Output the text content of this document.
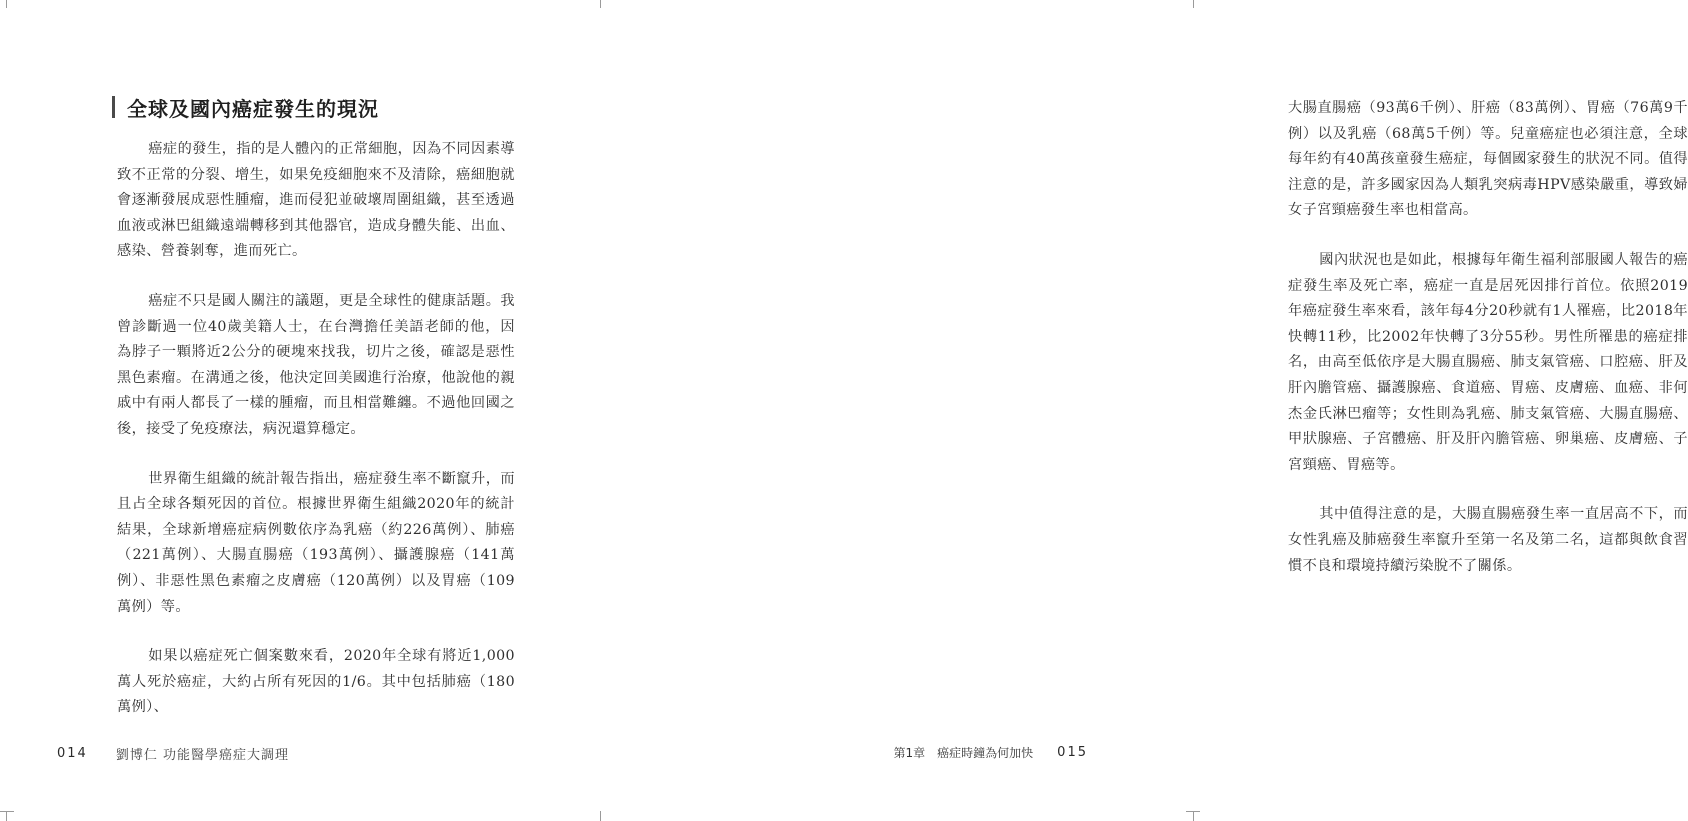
全球及國內癌症發生的現況

癌症的發生，指的是人體內的正常細胞，因為不同因素導致不正常的分裂、增生，如果免疫細胞來不及清除，癌細胞就會逐漸發展成惡性腫瘤，進而侵犯並破壞周圍組織，甚至透過血液或淋巴組織遠端轉移到其他器官，造成身體失能、出血、感染、營養剝奪，進而死亡。

癌症不只是國人關注的議題，更是全球性的健康話題。我曾診斷過一位40歲美籍人士，在台灣擔任美語老師的他，因為脖子一顆將近2公分的硬塊來找我，切片之後，確認是惡性黑色素瘤。在溝通之後，他決定回美國進行治療，他說他的親戚中有兩人都長了一樣的腫瘤，而且相當難纏。不過他回國之後，接受了免疫療法，病況還算穩定。

世界衛生組織的統計報告指出，癌症發生率不斷竄升，而且占全球各類死因的首位。根據世界衛生組織2020年的統計結果，全球新增癌症病例數依序為乳癌（約226萬例）、肺癌（221萬例）、大腸直腸癌（193萬例）、攝護腺癌（141萬例）、非惡性黑色素瘤之皮膚癌（120萬例）以及胃癌（109萬例）等。

如果以癌症死亡個案數來看，2020年全球有將近1,000萬人死於癌症，大約占所有死因的1/6。其中包括肺癌（180萬例）、

014 劉博仁 功能醫學癌症大調理

大腸直腸癌（93萬6千例）、肝癌（83萬例）、胃癌（76萬9千例）以及乳癌（68萬5千例）等。兒童癌症也必須注意，全球每年約有40萬孩童發生癌症，每個國家發生的狀況不同。值得注意的是，許多國家因為人類乳突病毒HPV感染嚴重，導致婦女子宮頸癌發生率也相當高。

國內狀況也是如此，根據每年衛生福利部服國人報告的癌症發生率及死亡率，癌症一直是居死因排行首位。依照2019年癌症發生率來看，該年每4分20秒就有1人罹癌，比2018年快轉11秒，比2002年快轉了3分55秒。男性所罹患的癌症排名，由高至低依序是大腸直腸癌、肺支氣管癌、口腔癌、肝及肝內膽管癌、攝護腺癌、食道癌、胃癌、皮膚癌、血癌、非何杰金氏淋巴瘤等；女性則為乳癌、肺支氣管癌、大腸直腸癌、甲狀腺癌、子宮體癌、肝及肝內膽管癌、卵巢癌、皮膚癌、子宮頸癌、胃癌等。

其中值得注意的是，大腸直腸癌發生率一直居高不下，而女性乳癌及肺癌發生率竄升至第一名及第二名，這都與飲食習慣不良和環境持續污染脫不了關係。

第1章　癌症時鐘為何加快 015
